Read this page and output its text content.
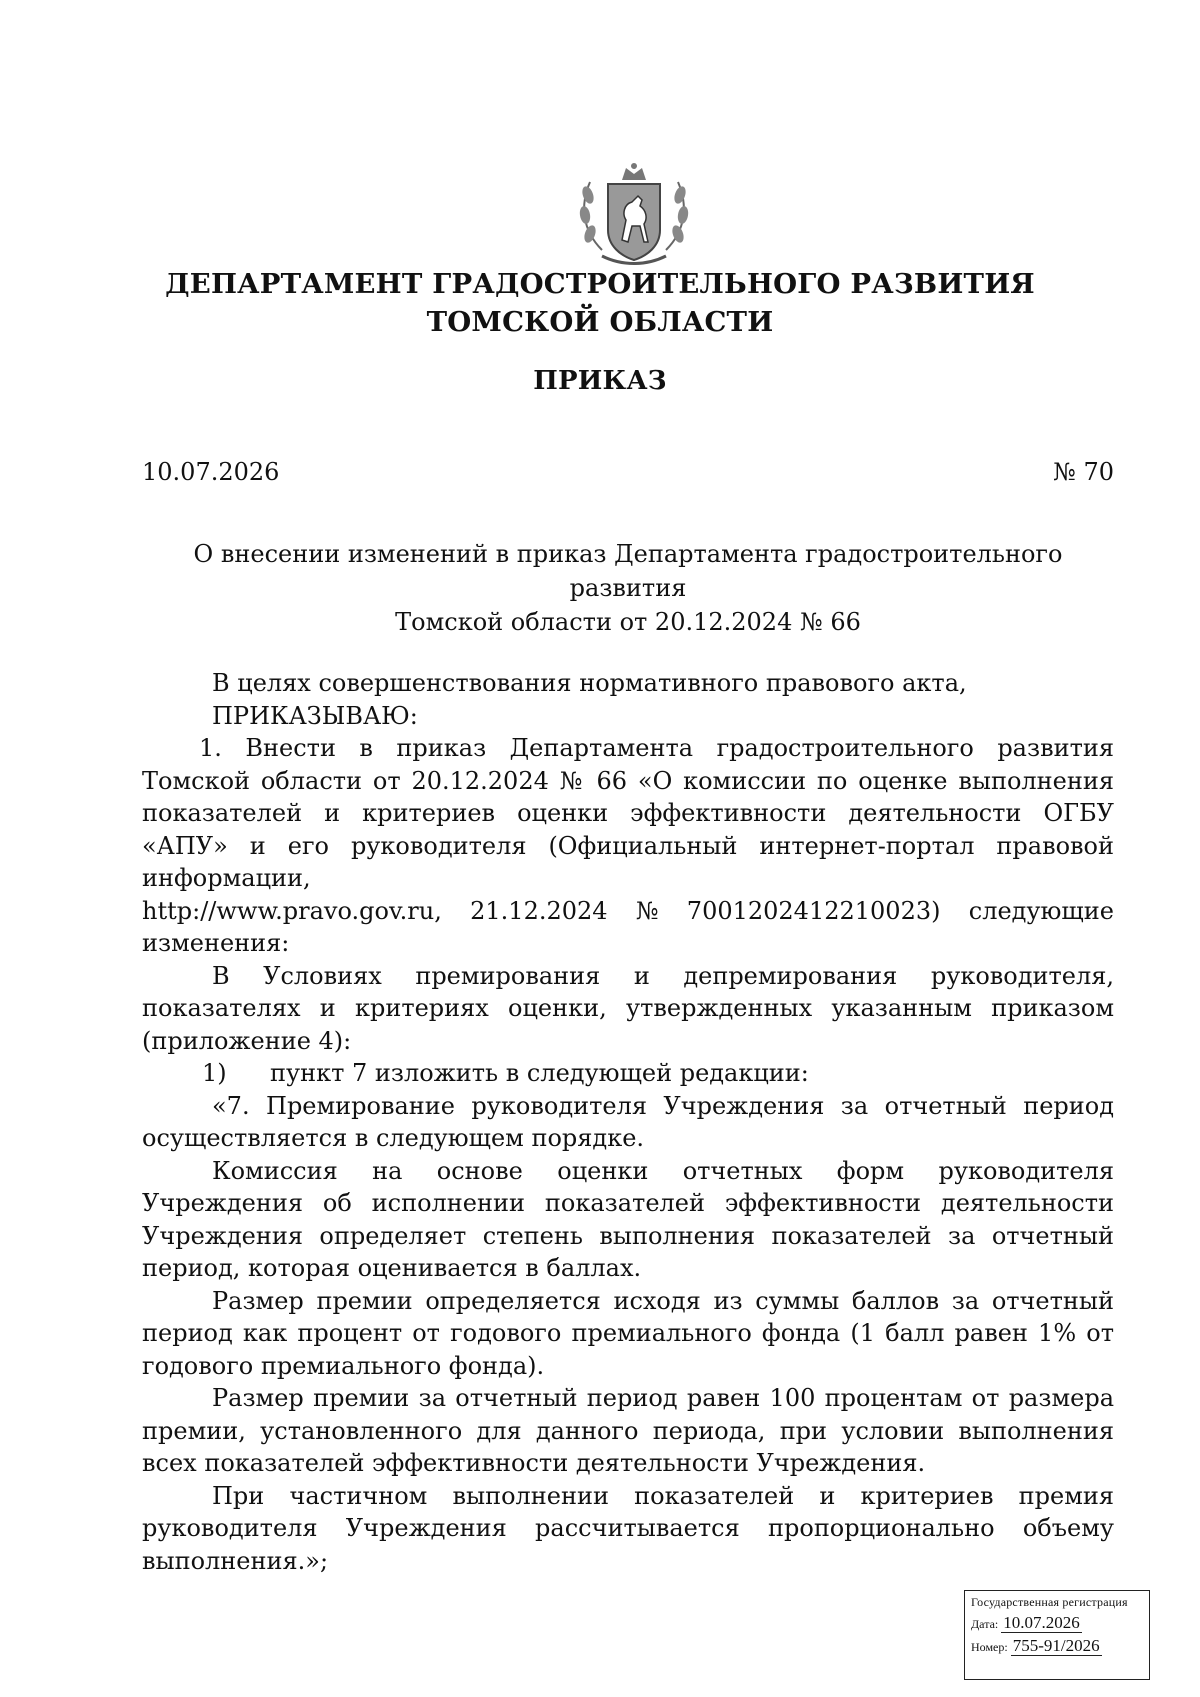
ДЕПАРТАМЕНТ ГРАДОСТРОИТЕЛЬНОГО РАЗВИТИЯ
ТОМСКОЙ ОБЛАСТИ
ПРИКАЗ
10.07.2026	№ 70
О внесении изменений в приказ Департамента градостроительного развития
Томской области от 20.12.2024 № 66

В целях совершенствования нормативного правового акта,

ПРИКАЗЫВАЮ:

1. Внести в приказ Департамента градостроительного развития Томской области от 20.12.2024 № 66 «О комиссии по оценке выполнения показателей и критериев оценки эффективности деятельности ОГБУ «АПУ» и его руководителя (Официальный интернет-портал правовой информации,

http://www.pravo.gov.ru, 21.12.2024 № 7001202412210023) следующие

изменения:

В Условиях премирования и депремирования руководителя, показателях и критериях оценки, утвержденных указанным приказом (приложение 4):

1)	пункт 7 изложить в следующей редакции:

«7. Премирование руководителя Учреждения за отчетный период осуществляется в следующем порядке.

Комиссия на основе оценки отчетных форм руководителя Учреждения об исполнении показателей эффективности деятельности Учреждения определяет степень выполнения показателей за отчетный период, которая оценивается в баллах.

Размер премии определяется исходя из суммы баллов за отчетный период как процент от годового премиального фонда (1 балл равен 1% от годового премиального фонда).

Размер премии за отчетный период равен 100 процентам от размера премии, установленного для данного периода, при условии выполнения всех показателей эффективности деятельности Учреждения.

При частичном выполнении показателей и критериев премия руководителя Учреждения рассчитывается пропорционально объему выполнения.»;

Государственная регистрация
Дата: 10.07.2026
Номер: 755-91/2026
